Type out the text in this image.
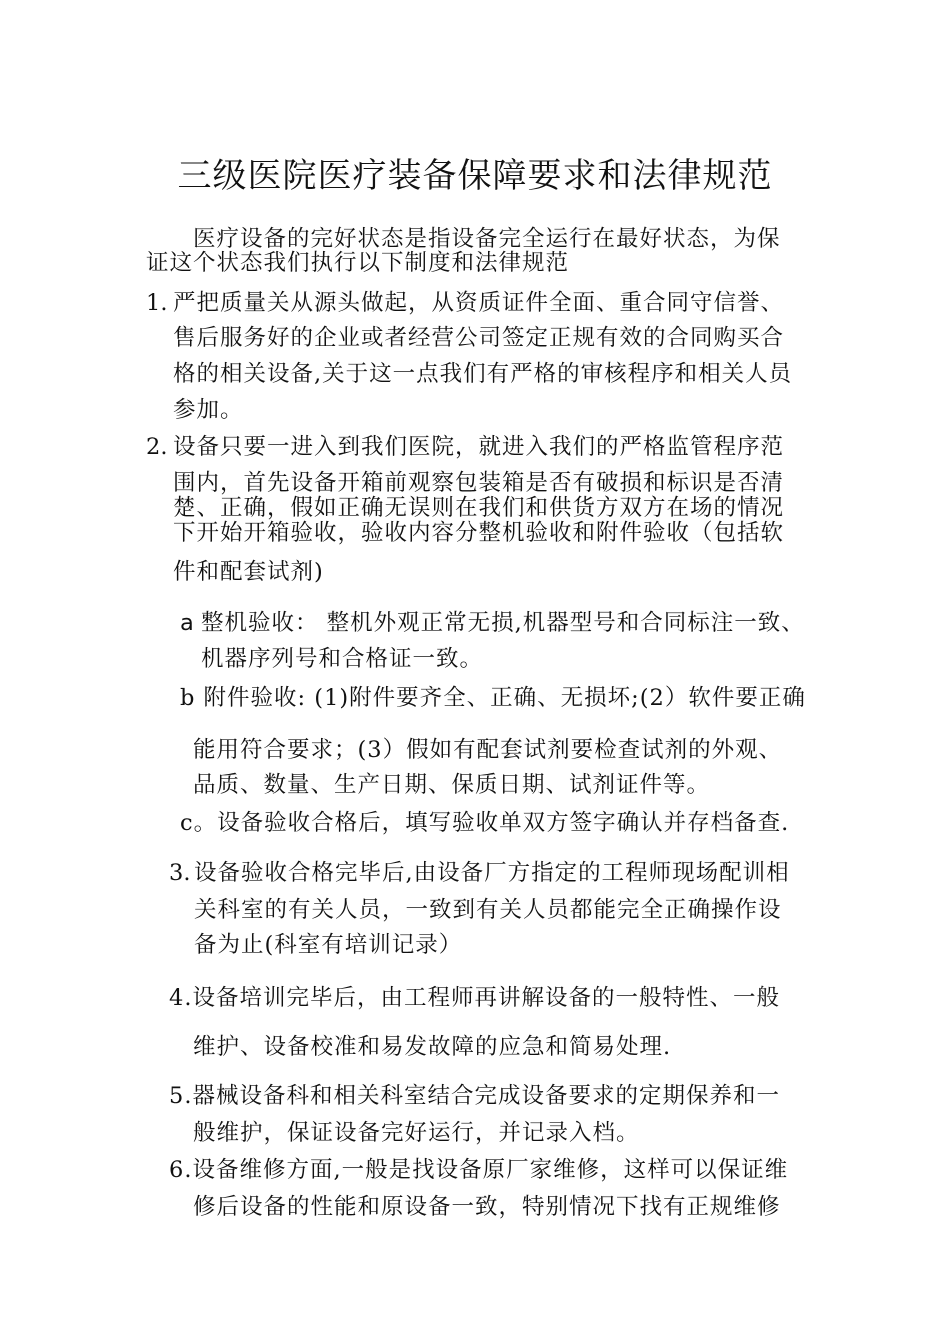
三级医院医疗装备保障要求和法律规范
医疗设备的完好状态是指设备完全运行在最好状态，为保
证这个状态我们执行以下制度和法律规范
1. 严把质量关从源头做起，从资质证件全面、重合同守信誉、
售后服务好的企业或者经营公司签定正规有效的合同购买合
格的相关设备,关于这一点我们有严格的审核程序和相关人员
参加。
2. 设备只要一进入到我们医院，就进入我们的严格监管程序范
围内，首先设备开箱前观察包装箱是否有破损和标识是否清
楚、正确，假如正确无误则在我们和供货方双方在场的情况
下开始开箱验收，验收内容分整机验收和附件验收（包括软
件和配套试剂)
a 整机验收： 整机外观正常无损,机器型号和合同标注一致、
机器序列号和合格证一致。
b 附件验收: (1)附件要齐全、正确、无损坏;(2）软件要正确
能用符合要求；(3）假如有配套试剂要检查试剂的外观、
品质、数量、生产日期、保质日期、试剂证件等。
c。设备验收合格后，填写验收单双方签字确认并存档备查.
3. 设备验收合格完毕后,由设备厂方指定的工程师现场配训相
关科室的有关人员，一致到有关人员都能完全正确操作设
备为止(科室有培训记录）
4.设备培训完毕后，由工程师再讲解设备的一般特性、一般
维护、设备校准和易发故障的应急和简易处理.
5.器械设备科和相关科室结合完成设备要求的定期保养和一
般维护，保证设备完好运行，并记录入档。
6.设备维修方面,一般是找设备原厂家维修，这样可以保证维
修后设备的性能和原设备一致，特别情况下找有正规维修
